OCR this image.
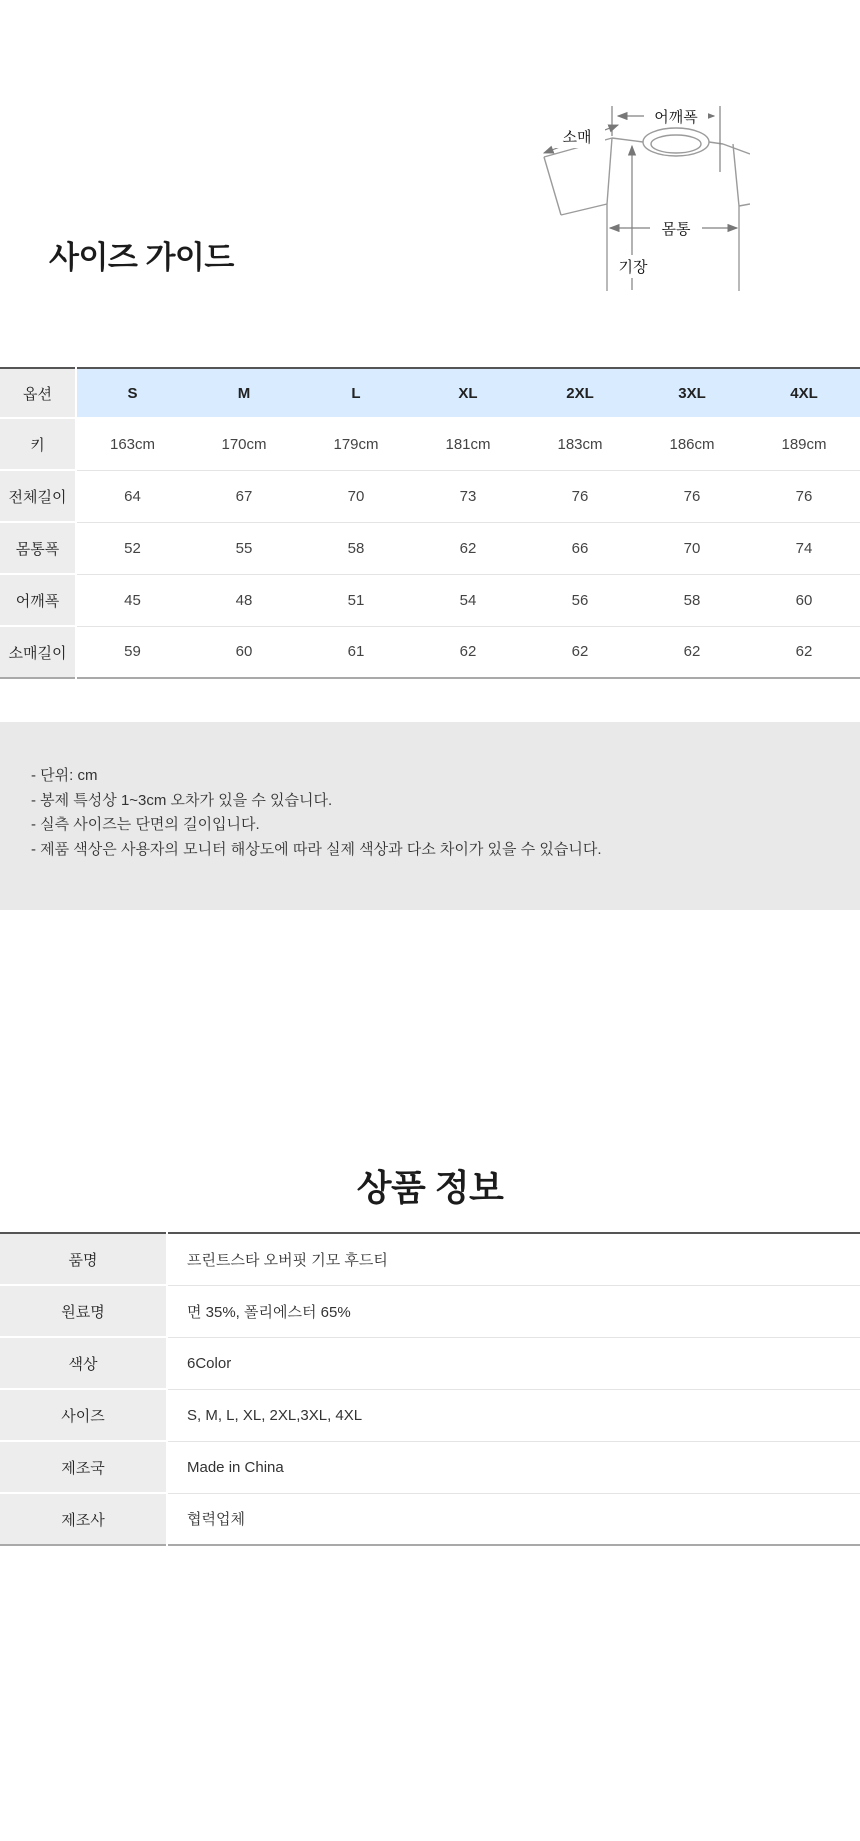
사이즈 가이드
어깨폭
소매
몸통
기장
옵션	S	M	L	XL	2XL	3XL	4XL
키	163cm	170cm	179cm	181cm	183cm	186cm	189cm
전체길이	64	67	70	73	76	76	76
몸통폭	52	55	58	62	66	70	74
어깨폭	45	48	51	54	56	58	60
소매길이	59	60	61	62	62	62	62
- 단위: cm
- 봉제 특성상 1~3cm 오차가 있을 수 있습니다.
- 실측 사이즈는 단면의 길이입니다.
- 제품 색상은 사용자의 모니터 해상도에 따라 실제 색상과 다소 차이가 있을 수 있습니다.
상품 정보
품명	프린트스타 오버핏 기모 후드티
원료명	면 35%, 폴리에스터 65%
색상	6Color
사이즈	S, M, L, XL, 2XL,3XL, 4XL
제조국	Made in China
제조사	협력업체
